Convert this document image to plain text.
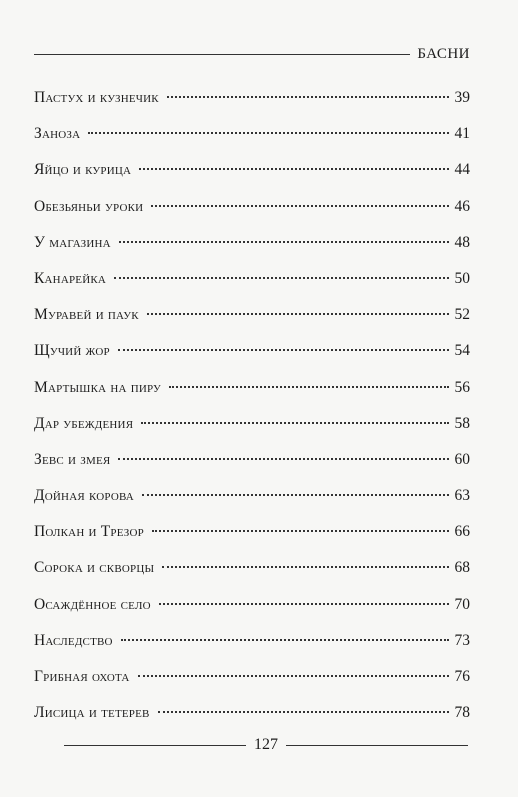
БАСНИ
Пастух и кузнечик	39
Заноза	41
Яйцо и курица	44
Обезьяньи уроки	46
У магазина	48
Канарейка	50
Муравей и паук	52
Щучий жор	54
Мартышка на пиру	56
Дар убеждения	58
Зевс и змея	60
Дойная корова	63
Полкан и Трезор	66
Сорока и скворцы	68
Осаждённое село	70
Наследство	73
Грибная охота	76
Лисица и тетерев	78
127
